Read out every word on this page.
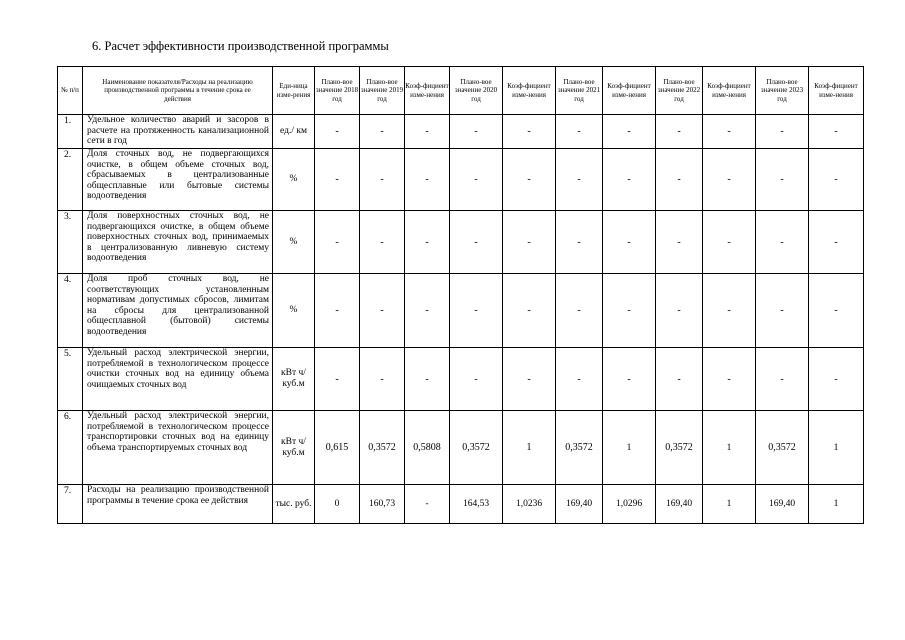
6. Расчет эффективности производственной программы
№ п/п	Наименование показателя/Расходы на реализацию производственной программы в течение срока ее действия	Еди-ница изме-рения	Плано-вое значение 2018 год	Плано-вое значение 2019 год	Коэф-фициент изме-нения	Плано-вое значение 2020 год	Коэф-фициент изме-нения	Плано-вое значение 2021 год	Коэф-фициент изме-нения	Плано-вое значение 2022 год	Коэф-фициент изме-нения	Плано-вое значение 2023 год	Коэф-фициент изме-нения
1.	Удельное количество аварий и засоров в расчете на протяженность канализационной сети в год	ед./ км	-	-	-	-	-	-	-	-	-	-	-
2.	Доля сточных вод, не подвергающихся очистке, в общем объеме сточных вод, сбрасываемых в централизованные общесплавные или бытовые системы водоотведения	%	-	-	-	-	-	-	-	-	-	-	-
3.	Доля поверхностных сточных вод, не подвергающихся очистке, в общем объеме поверхностных сточных вод, принимаемых в централизованную ливневую систему водоотведения	%	-	-	-	-	-	-	-	-	-	-	-
4.	Доля проб сточных вод, не соответствующих установленным нормативам допустимых сбросов, лимитам на сбросы для централизованной общесплавной (бытовой) системы водоотведения	%	-	-	-	-	-	-	-	-	-	-	-
5.	Удельный расход электрической энергии, потребляемой в технологическом процессе очистки сточных вод на единицу объема очищаемых сточных вод	кВт ч/куб.м	-	-	-	-	-	-	-	-	-	-	-
6.	Удельный расход электрической энергии, потребляемой в технологическом процессе транспортировки сточных вод на единицу объема транспортируемых сточных вод	кВт ч/куб.м	0,615	0,3572	0,5808	0,3572	1	0,3572	1	0,3572	1	0,3572	1
7.	Расходы на реализацию производственной программы в течение срока ее действия	тыс. руб.	0	160,73	-	164,53	1,0236	169,40	1,0296	169,40	1	169,40	1
